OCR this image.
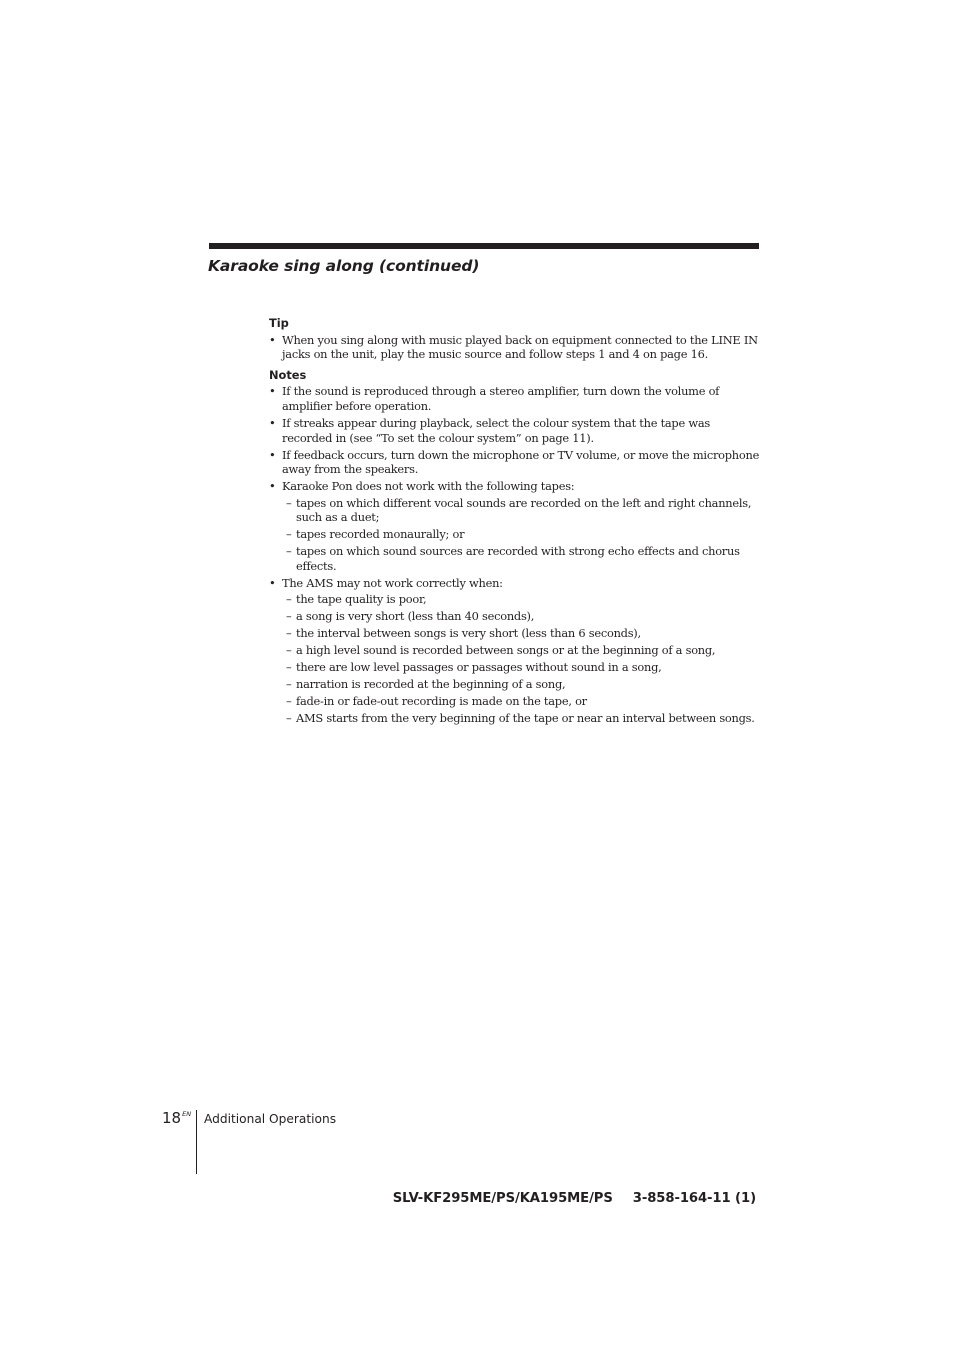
Karaoke sing along (continued)
Tip
• When you sing along with music played back on equipment connected to the LINE IN jacks on the unit, play the music source and follow steps 1 and 4 on page 16.
Notes
• If the sound is reproduced through a stereo amplifier, turn down the volume of amplifier before operation.
• If streaks appear during playback, select the colour system that the tape was recorded in (see “To set the colour system” on page 11).
• If feedback occurs, turn down the microphone or TV volume, or move the microphone away from the speakers.
• Karaoke Pon does not work with the following tapes:
– tapes on which different vocal sounds are recorded on the left and right channels, such as a duet;
– tapes recorded monaurally; or
– tapes on which sound sources are recorded with strong echo effects and chorus effects.
• The AMS may not work correctly when:
– the tape quality is poor,
– a song is very short (less than 40 seconds),
– the interval between songs is very short (less than 6 seconds),
– a high level sound is recorded between songs or at the beginning of a song,
– there are low level passages or passages without sound in a song,
– narration is recorded at the beginning of a song,
– fade-in or fade-out recording is made on the tape, or
– AMS starts from the very beginning of the tape or near an interval between songs.
$18^{EN}$ Additional Operations
SLV-KF295ME/PS/KA195ME/PS 3-858-164-11 (1)
